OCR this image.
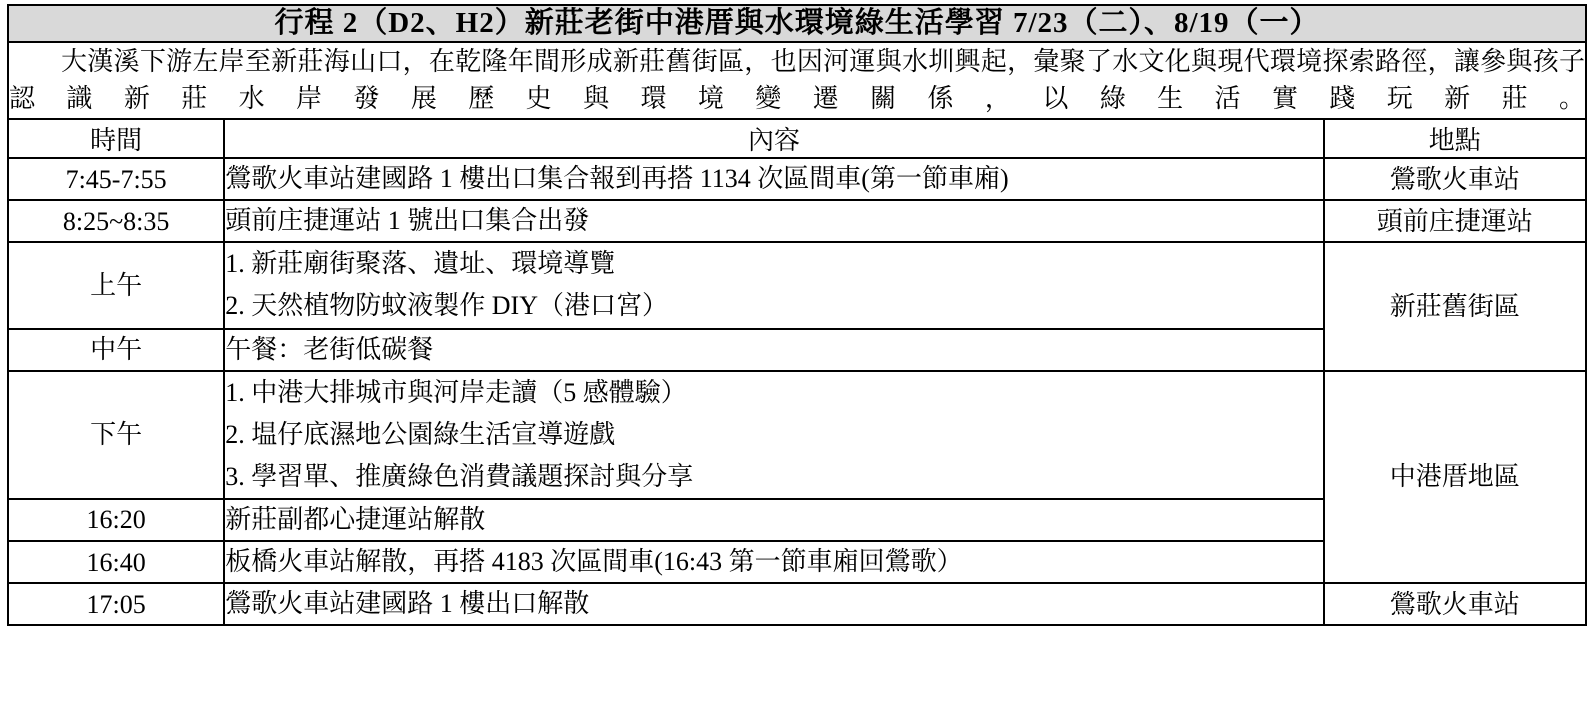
行程 2（D2、H2）新莊老街中港厝與水環境綠生活學習 7/23（二）、8/19（一）		
大漢溪下游左岸至新莊海山口，在乾隆年間形成新莊舊街區，也因河運與水圳興起，彙聚了水文化與現代環境探索路徑，讓參與孩子認識新莊水岸發展歷史與環境變遷關係，以綠生活實踐玩新莊。		
時間	內容	地點
7:45-7:55	鶯歌火車站建國路 1 樓出口集合報到再搭 1134 次區間車(第一節車廂)	鶯歌火車站
8:25~8:35	頭前庄捷運站 1 號出口集合出發	頭前庄捷運站
上午	1. 新莊廟街聚落、遺址、環境導覽
2. 天然植物防蚊液製作 DIY（港口宮）	新莊舊街區
中午	午餐：老街低碳餐	

下午	1. 中港大排城市與河岸走讀（5 感體驗）
2. 塭仔底濕地公園綠生活宣導遊戲
3. 學習單、推廣綠色消費議題探討與分享	中港厝地區
16:20	新莊副都心捷運站解散	

16:40	板橋火車站解散，再搭 4183 次區間車(16:43 第一節車廂回鶯歌）	

17:05	鶯歌火車站建國路 1 樓出口解散	鶯歌火車站
